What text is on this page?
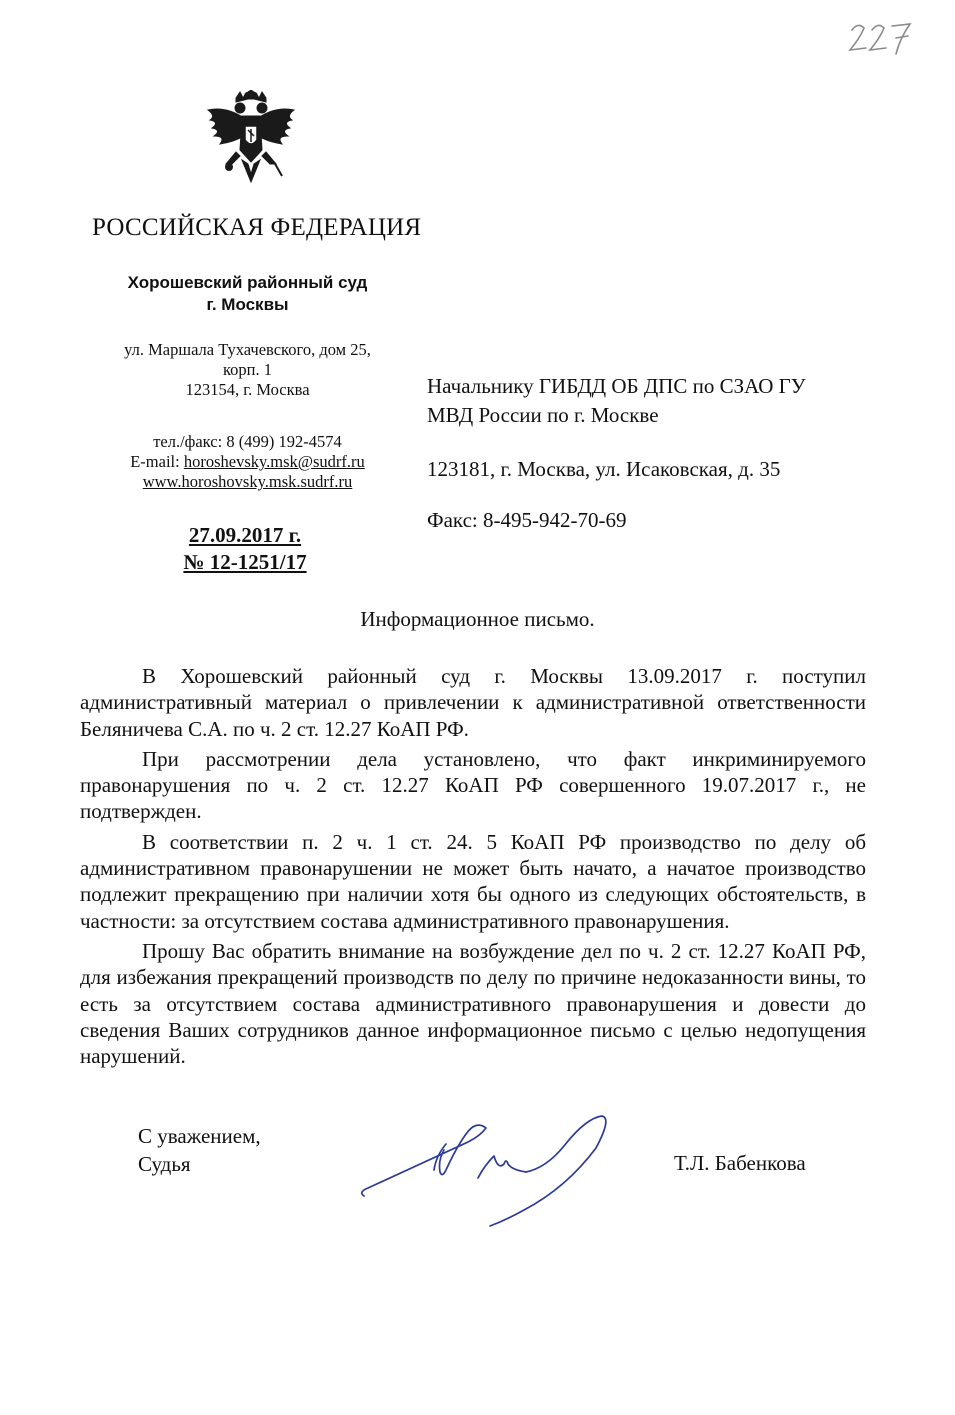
РОССИЙСКАЯ ФЕДЕРАЦИЯ
Хорошевский районный суд
г. Москвы
ул. Маршала Тухачевского, дом 25,
корп. 1
123154, г. Москва
тел./факс: 8 (499) 192-4574
E-mail: horoshevsky.msk@sudrf.ru
www.horoshovsky.msk.sudrf.ru
27.09.2017 г.
№ 12-1251/17
Начальнику ГИБДД ОБ ДПС по СЗАО ГУ
МВД России по г. Москве
123181, г. Москва, ул. Исаковская, д. 35
Факс: 8-495-942-70-69
Информационное письмо.

В Хорошевский районный суд г. Москвы 13.09.2017 г. поступил административный материал о привлечении к административной ответственности Беляничева С.А. по ч. 2 ст. 12.27 КоАП РФ.

При рассмотрении дела установлено, что факт инкриминируемого правонарушения по ч. 2 ст. 12.27 КоАП РФ совершенного 19.07.2017 г., не подтвержден.

В соответствии п. 2 ч. 1 ст. 24. 5 КоАП РФ производство по делу об административном правонарушении не может быть начато, а начатое производство подлежит прекращению при наличии хотя бы одного из следующих обстоятельств, в частности: за отсутствием состава административного правонарушения.

Прошу Вас обратить внимание на возбуждение дел по ч. 2 ст. 12.27 КоАП РФ, для избежания прекращений производств по делу по причине недоказанности вины, то есть за отсутствием состава административного правонарушения и довести до сведения Ваших сотрудников данное информационное письмо с целью недопущения нарушений.

С уважением,
Судья	Т.Л. Бабенкова
